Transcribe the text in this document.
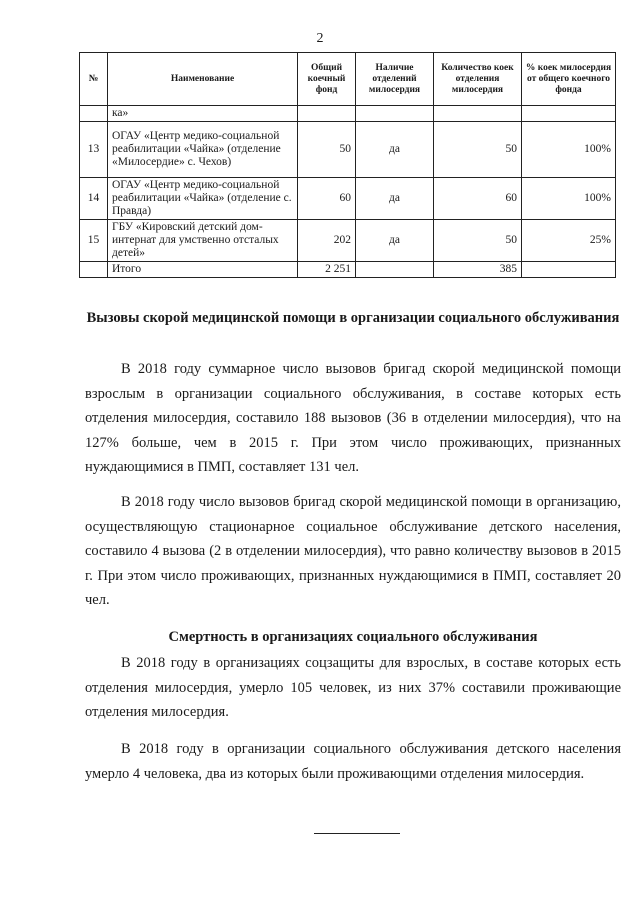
2
№	Наименование	Общий коечный фонд	Наличие отделений милосердия	Количество коек отделения милосердия	% коек милосердия от общего коечного фонда
	ка»				
13	ОГАУ «Центр медико-социальной реабилитации «Чайка» (отделение «Милосердие» с. Чехов)	50	да	50	100%
14	ОГАУ «Центр медико-социальной реабилитации «Чайка» (отделение с. Правда)	60	да	60	100%
15	ГБУ «Кировский детский дом-интернат для умственно отсталых детей»	202	да	50	25%
	Итого	2 251		385	
Вызовы скорой медицинской помощи в организации социального обслуживания

В 2018 году суммарное число вызовов бригад скорой медицинской помощи взрослым в организации социального обслуживания, в составе которых есть отделения милосердия, составило 188 вызовов (36 в отделении милосердия), что на 127% больше, чем в 2015 г. При этом число проживающих, признанных нуждающимися в ПМП, составляет 131 чел.

В 2018 году число вызовов бригад скорой медицинской помощи в организацию, осуществляющую стационарное социальное обслуживание детского населения, составило 4 вызова (2 в отделении милосердия), что равно количеству вызовов в 2015 г. При этом число проживающих, признанных нуждающимися в ПМП, составляет 20 чел.

Смертность в организациях социального обслуживания

В 2018 году в организациях соцзащиты для взрослых, в составе которых есть отделения милосердия, умерло 105 человек, из них 37% составили проживающие отделения милосердия.

В 2018 году в организации социального обслуживания детского населения умерло 4 человека, два из которых были проживающими отделения милосердия.
